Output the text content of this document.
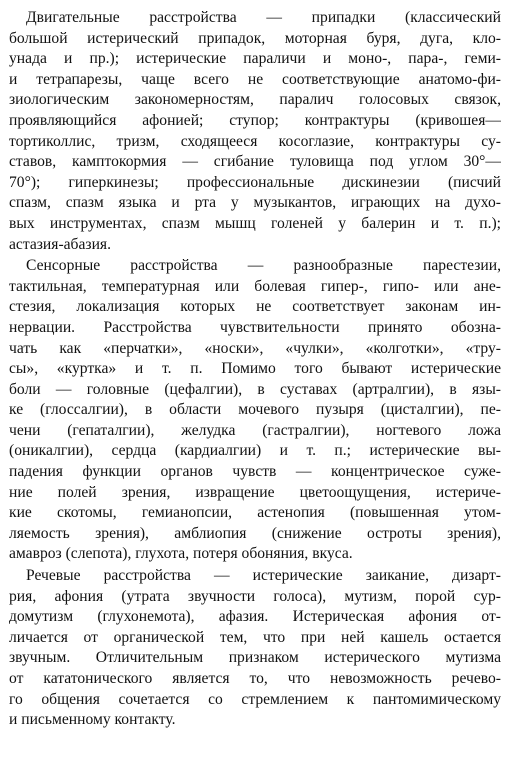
Двигательные расстройства — припадки (классический
большой истерический припадок, моторная буря, дуга, кло-
унада и пр.); истерические параличи и моно-, пара-, геми-
и тетрапарезы, чаще всего не соответствующие анатомо-фи-
зиологическим закономерностям, паралич голосовых связок,
проявляющийся афонией; ступор; контрактуры (кривошея—
тортиколлис, тризм, сходящееся косоглазие, контрактуры су-
ставов, камптокормия — сгибание туловища под углом 30°—
70°); гиперкинезы; профессиональные дискинезии (писчий
спазм, спазм языка и рта у музыкантов, играющих на духо-
вых инструментах, спазм мышц голеней у балерин и т. п.);
астазия-абазия.

Сенсорные расстройства — разнообразные парестезии,
тактильная, температурная или болевая гипер-, гипо- или ане-
стезия, локализация которых не соответствует законам ин-
нервации. Расстройства чувствительности принято обозна-
чать как «перчатки», «носки», «чулки», «колготки», «тру-
сы», «куртка» и т. п. Помимо того бывают истерические
боли — головные (цефалгии), в суставах (артралгии), в язы-
ке (глоссалгии), в области мочевого пузыря (цисталгии), пе-
чени (гепаталгии), желудка (гастралгии), ногтевого ложа
(оникалгии), сердца (кардиалгии) и т. п.; истерические вы-
падения функции органов чувств — концентрическое суже-
ние полей зрения, извращение цветоощущения, истериче-
кие скотомы, гемианопсии, астенопия (повышенная утом-
ляемость зрения), амблиопия (снижение остроты зрения),
амавроз (слепота), глухота, потеря обоняния, вкуса.

Речевые расстройства — истерические заикание, дизарт-
рия, афония (утрата звучности голоса), мутизм, порой сур-
домутизм (глухонемота), афазия. Истерическая афония от-
личается от органической тем, что при ней кашель остается
звучным. Отличительным признаком истерического мутизма
от кататонического является то, что невозможность речево-
го общения сочетается со стремлением к пантомимическому
и письменному контакту.
